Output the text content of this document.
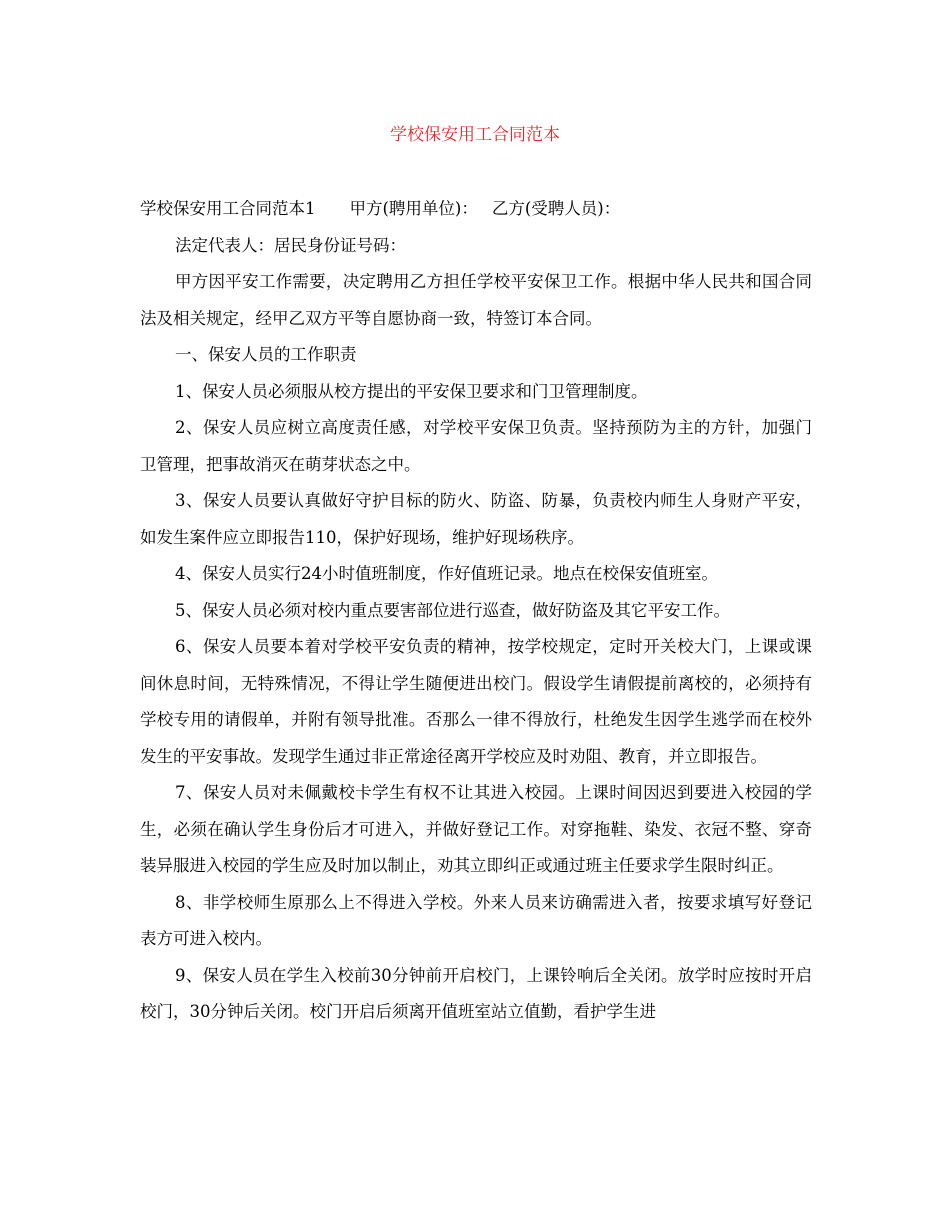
学校保安用工合同范本

学校保安用工合同范本1 甲方(聘用单位)： 乙方(受聘人员)：

法定代表人：居民身份证号码：

甲方因平安工作需要，决定聘用乙方担任学校平安保卫工作。根据中华人民共和国合同法及相关规定，经甲乙双方平等自愿协商一致，特签订本合同。

一、保安人员的工作职责

1、保安人员必须服从校方提出的平安保卫要求和门卫管理制度。

2、保安人员应树立高度责任感，对学校平安保卫负责。坚持预防为主的方针，加强门卫管理，把事故消灭在萌芽状态之中。

3、保安人员要认真做好守护目标的防火、防盗、防暴，负责校内师生人身财产平安，如发生案件应立即报告110，保护好现场，维护好现场秩序。

4、保安人员实行24小时值班制度，作好值班记录。地点在校保安值班室。

5、保安人员必须对校内重点要害部位进行巡查，做好防盗及其它平安工作。

6、保安人员要本着对学校平安负责的精神，按学校规定，定时开关校大门，上课或课间休息时间，无特殊情况，不得让学生随便进出校门。假设学生请假提前离校的，必须持有学校专用的请假单，并附有领导批准。否那么一律不得放行，杜绝发生因学生逃学而在校外发生的平安事故。发现学生通过非正常途径离开学校应及时劝阻、教育，并立即报告。

7、保安人员对未佩戴校卡学生有权不让其进入校园。上课时间因迟到要进入校园的学生，必须在确认学生身份后才可进入，并做好登记工作。对穿拖鞋、染发、衣冠不整、穿奇装异服进入校园的学生应及时加以制止，劝其立即纠正或通过班主任要求学生限时纠正。

8、非学校师生原那么上不得进入学校。外来人员来访确需进入者，按要求填写好登记表方可进入校内。

9、保安人员在学生入校前30分钟前开启校门，上课铃响后全关闭。放学时应按时开启校门，30分钟后关闭。校门开启后须离开值班室站立值勤，看护学生进
